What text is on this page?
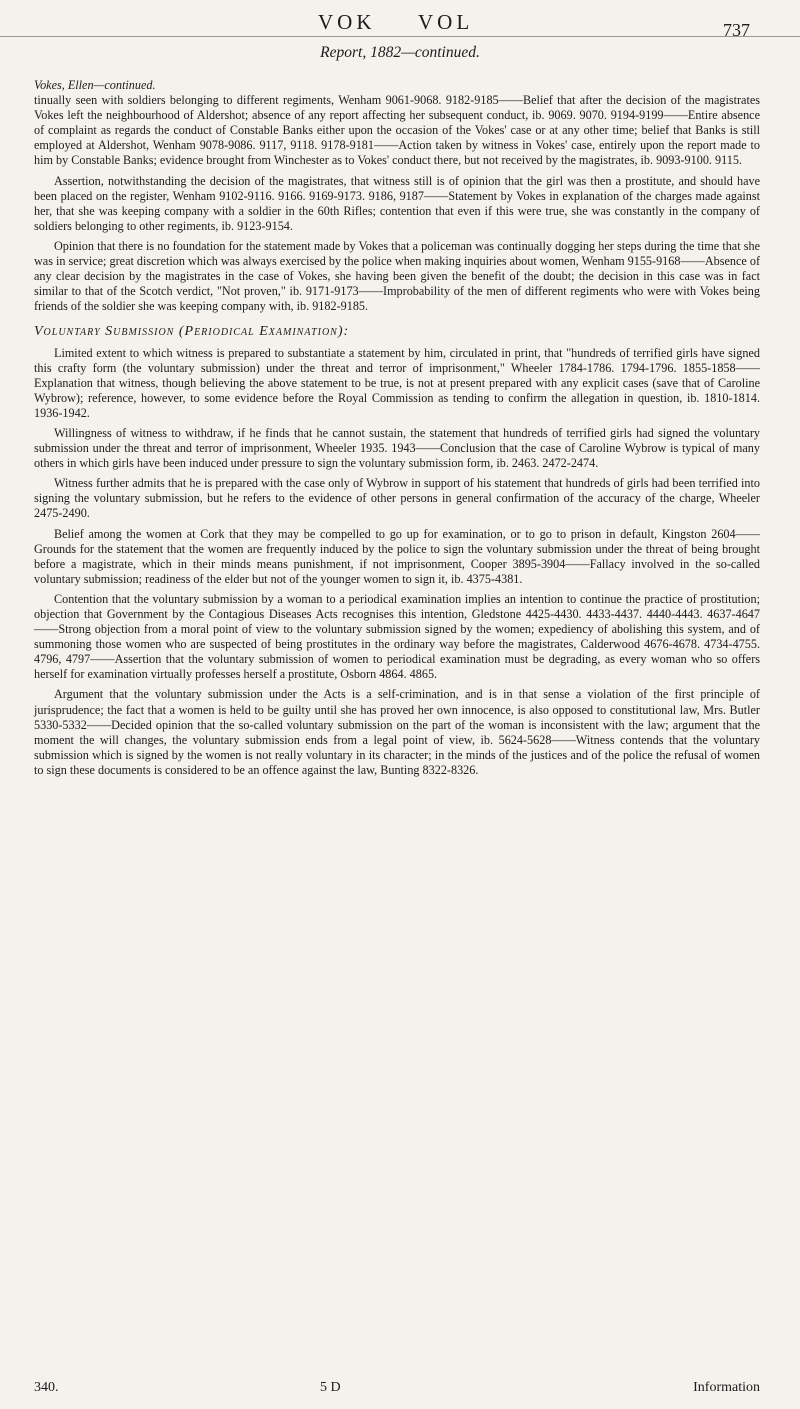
VOK VOL	737
Report, 1882—continued.

Vokes, Ellen—continued.

tinually seen with soldiers belonging to different regiments, Wenham 9061-9068. 9182-9185——Belief that after the decision of the magistrates Vokes left the neighbourhood of Aldershot; absence of any report affecting her subsequent conduct, ib. 9069. 9070. 9194-9199——Entire absence of complaint as regards the conduct of Constable Banks either upon the occasion of the Vokes' case or at any other time; belief that Banks is still employed at Aldershot, Wenham 9078-9086. 9117, 9118. 9178-9181——Action taken by witness in Vokes' case, entirely upon the report made to him by Constable Banks; evidence brought from Winchester as to Vokes' conduct there, but not received by the magistrates, ib. 9093-9100. 9115.

Assertion, notwithstanding the decision of the magistrates, that witness still is of opinion that the girl was then a prostitute, and should have been placed on the register, Wenham 9102-9116. 9166. 9169-9173. 9186, 9187——Statement by Vokes in explanation of the charges made against her, that she was keeping company with a soldier in the 60th Rifles; contention that even if this were true, she was constantly in the company of soldiers belonging to other regiments, ib. 9123-9154.

Opinion that there is no foundation for the statement made by Vokes that a policeman was continually dogging her steps during the time that she was in service; great discretion which was always exercised by the police when making inquiries about women, Wenham 9155-9168——Absence of any clear decision by the magistrates in the case of Vokes, she having been given the benefit of the doubt; the decision in this case was in fact similar to that of the Scotch verdict, "Not proven," ib. 9171-9173——Improbability of the men of different regiments who were with Vokes being friends of the soldier she was keeping company with, ib. 9182-9185.

Voluntary Submission (Periodical Examination):

Limited extent to which witness is prepared to substantiate a statement by him, circulated in print, that "hundreds of terrified girls have signed this crafty form (the voluntary submission) under the threat and terror of imprisonment," Wheeler 1784-1786. 1794-1796. 1855-1858——Explanation that witness, though believing the above statement to be true, is not at present prepared with any explicit cases (save that of Caroline Wybrow); reference, however, to some evidence before the Royal Commission as tending to confirm the allegation in question, ib. 1810-1814. 1936-1942.

Willingness of witness to withdraw, if he finds that he cannot sustain, the statement that hundreds of terrified girls had signed the voluntary submission under the threat and terror of imprisonment, Wheeler 1935. 1943——Conclusion that the case of Caroline Wybrow is typical of many others in which girls have been induced under pressure to sign the voluntary submission form, ib. 2463. 2472-2474.

Witness further admits that he is prepared with the case only of Wybrow in support of his statement that hundreds of girls had been terrified into signing the voluntary submission, but he refers to the evidence of other persons in general confirmation of the accuracy of the charge, Wheeler 2475-2490.

Belief among the women at Cork that they may be compelled to go up for examination, or to go to prison in default, Kingston 2604——Grounds for the statement that the women are frequently induced by the police to sign the voluntary submission under the threat of being brought before a magistrate, which in their minds means punishment, if not imprisonment, Cooper 3895-3904——Fallacy involved in the so-called voluntary submission; readiness of the elder but not of the younger women to sign it, ib. 4375-4381.

Contention that the voluntary submission by a woman to a periodical examination implies an intention to continue the practice of prostitution; objection that Government by the Contagious Diseases Acts recognises this intention, Gledstone 4425-4430. 4433-4437. 4440-4443. 4637-4647——Strong objection from a moral point of view to the voluntary submission signed by the women; expediency of abolishing this system, and of summoning those women who are suspected of being prostitutes in the ordinary way before the magistrates, Calderwood 4676-4678. 4734-4755. 4796, 4797——Assertion that the voluntary submission of women to periodical examination must be degrading, as every woman who so offers herself for examination virtually professes herself a prostitute, Osborn 4864. 4865.

Argument that the voluntary submission under the Acts is a self-crimination, and is in that sense a violation of the first principle of jurisprudence; the fact that a women is held to be guilty until she has proved her own innocence, is also opposed to constitutional law, Mrs. Butler 5330-5332——Decided opinion that the so-called voluntary submission on the part of the woman is inconsistent with the law; argument that the moment the will changes, the voluntary submission ends from a legal point of view, ib. 5624-5628——Witness contends that the voluntary submission which is signed by the women is not really voluntary in its character; in the minds of the justices and of the police the refusal of women to sign these documents is considered to be an offence against the law, Bunting 8322-8326.

340.	5 D	Information
